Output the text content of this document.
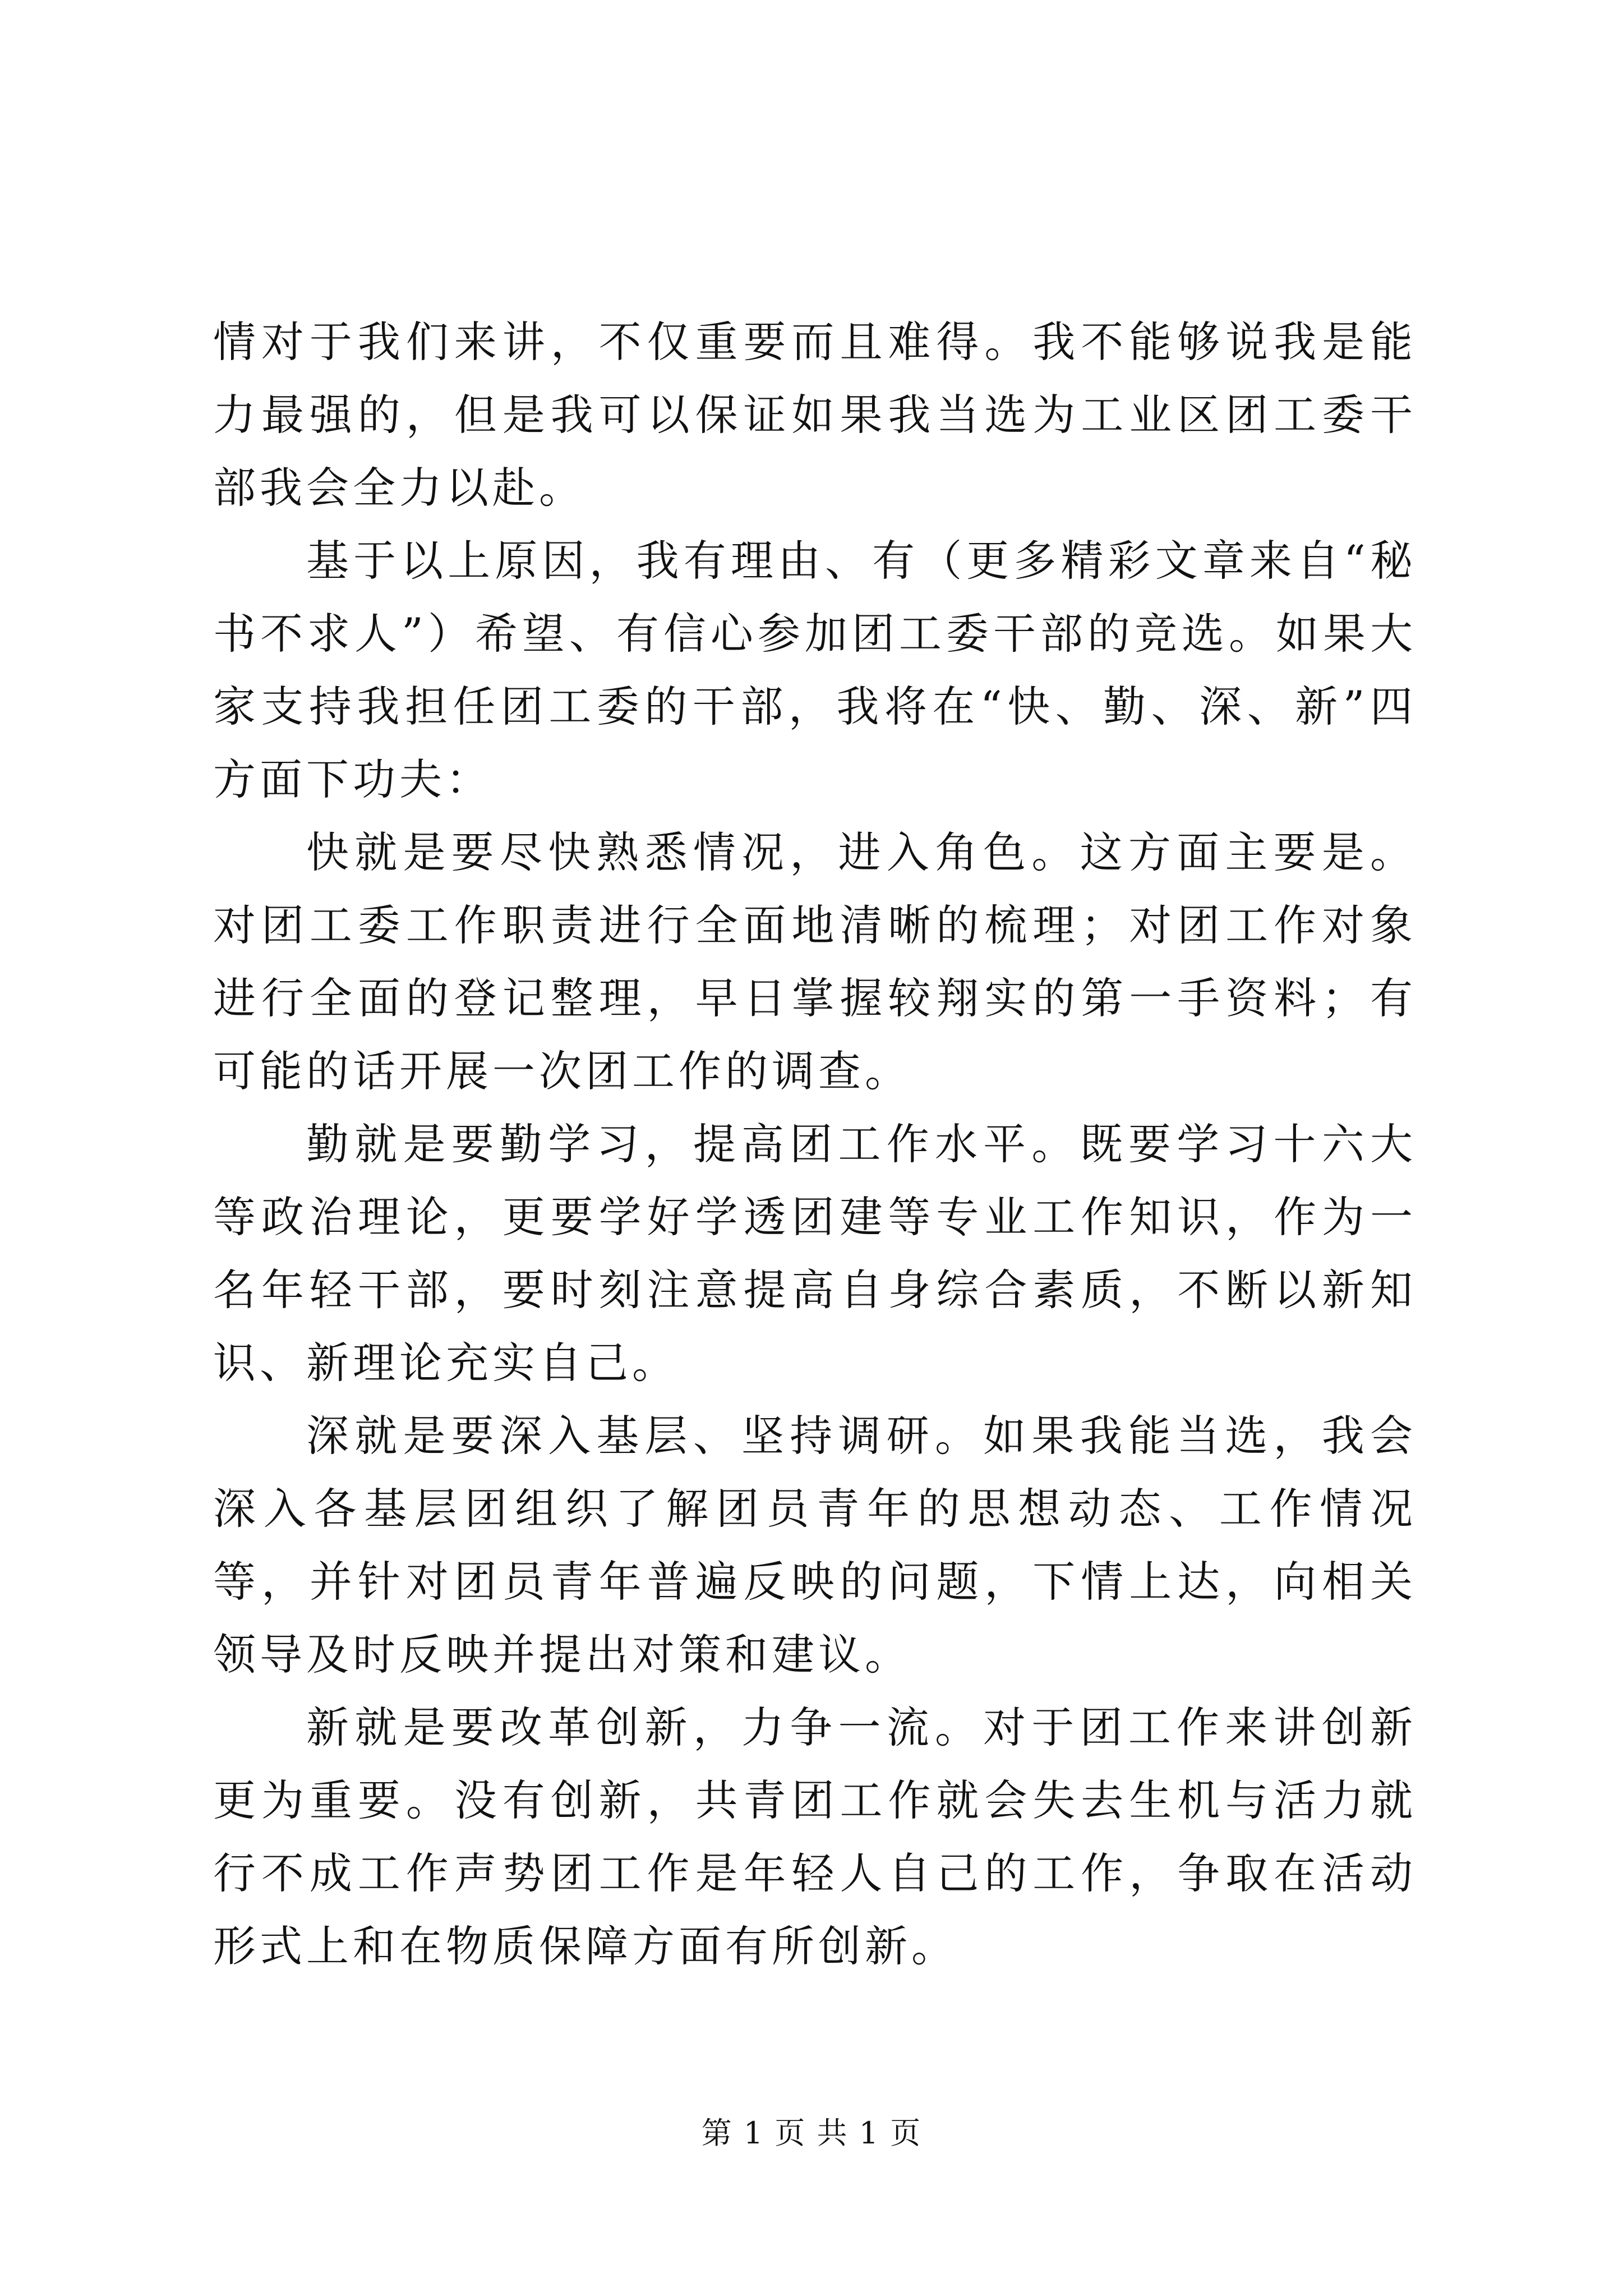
情对于我们来讲，不仅重要而且难得。我不能够说我是能力最强的，但是我可以保证如果我当选为工业区团工委干部我会全力以赴。

基于以上原因，我有理由、有（更多精彩文章来自“秘书不求人”）希望、有信心参加团工委干部的竞选。如果大家支持我担任团工委的干部，我将在“快、勤、深、新”四方面下功夫：

快就是要尽快熟悉情况，进入角色。这方面主要是。对团工委工作职责进行全面地清晰的梳理；对团工作对象进行全面的登记整理，早日掌握较翔实的第一手资料；有可能的话开展一次团工作的调查。

勤就是要勤学习，提高团工作水平。既要学习十六大等政治理论，更要学好学透团建等专业工作知识，作为一名年轻干部，要时刻注意提高自身综合素质，不断以新知识、新理论充实自己。

深就是要深入基层、坚持调研。如果我能当选，我会深入各基层团组织了解团员青年的思想动态、工作情况等，并针对团员青年普遍反映的问题，下情上达，向相关领导及时反映并提出对策和建议。

新就是要改革创新，力争一流。对于团工作来讲创新更为重要。没有创新，共青团工作就会失去生机与活力就行不成工作声势团工作是年轻人自己的工作，争取在活动形式上和在物质保障方面有所创新。

第 1 页 共 1 页
